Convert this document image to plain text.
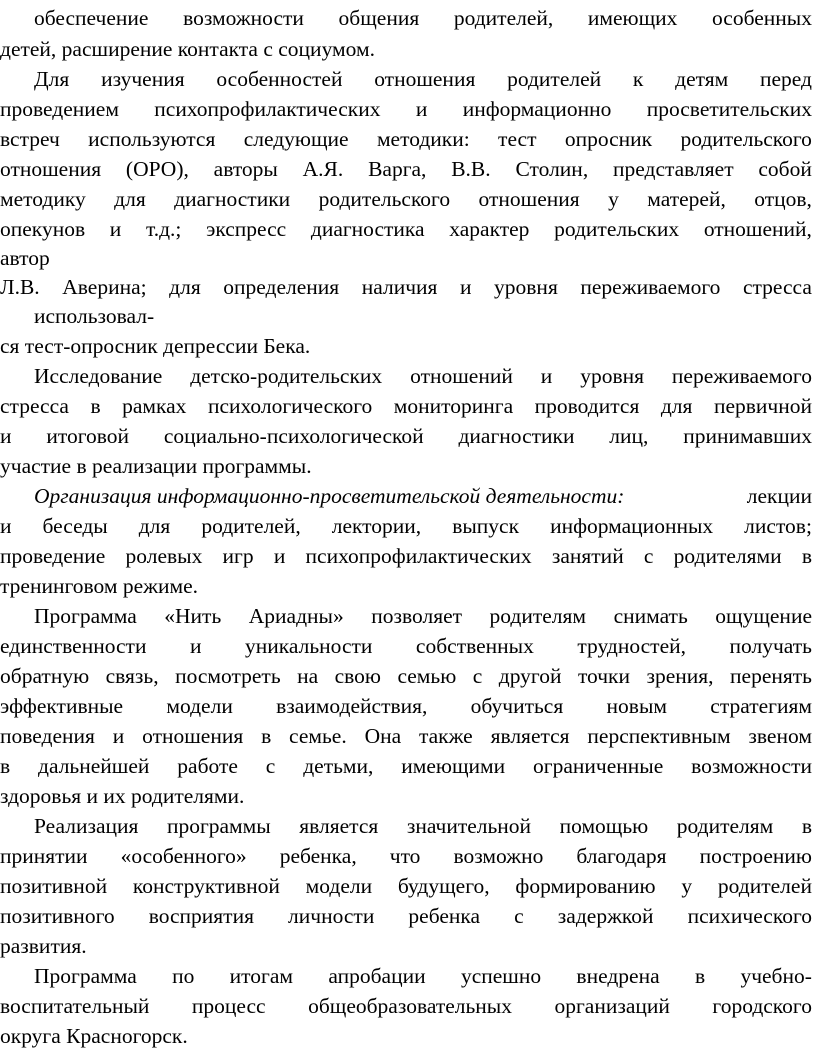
обеспечение возможности общения родителей, имеющих особенных
детей, расширение контакта с социумом.
Для изучения особенностей отношения родителей к детям перед
проведением психопрофилактических и информационно просветительских
встреч используются следующие методики: тест опросник родительского
отношения (ОРО), авторы А.Я. Варга, В.В. Столин, представляет собой
методику для диагностики родительского отношения у матерей, отцов,
опекунов и т.д.; экспресс диагностика характер родительских отношений,
автор
Л.В. Аверина; для определения наличия и уровня переживаемого стресса
использовал-
ся тест-опросник депрессии Бека.
Исследование детско-родительских отношений и уровня переживаемого
стресса в рамках психологического мониторинга проводится для первичной
и итоговой социально-психологической диагностики лиц, принимавших
участие в реализации программы.
Организация информационно-просветительской деятельности:	лекции
и беседы для родителей, лектории, выпуск информационных листов;
проведение ролевых игр и психопрофилактических занятий с родителями в
тренинговом режиме.
Программа «Нить Ариадны» позволяет родителям снимать ощущение
единственности и уникальности собственных трудностей, получать
обратную связь, посмотреть на свою семью с другой точки зрения, перенять
эффективные модели взаимодействия, обучиться новым стратегиям
поведения и отношения в семье. Она также является перспективным звеном
в дальнейшей работе с детьми, имеющими ограниченные возможности
здоровья и их родителями.
Реализация программы является значительной помощью родителям в
принятии «особенного» ребенка, что возможно благодаря построению
позитивной конструктивной модели будущего, формированию у родителей
позитивного восприятия личности ребенка с задержкой психического
развития.
Программа по итогам апробации успешно внедрена в учебно-
воспитательный процесс общеобразовательных организаций городского
округа Красногорск.
